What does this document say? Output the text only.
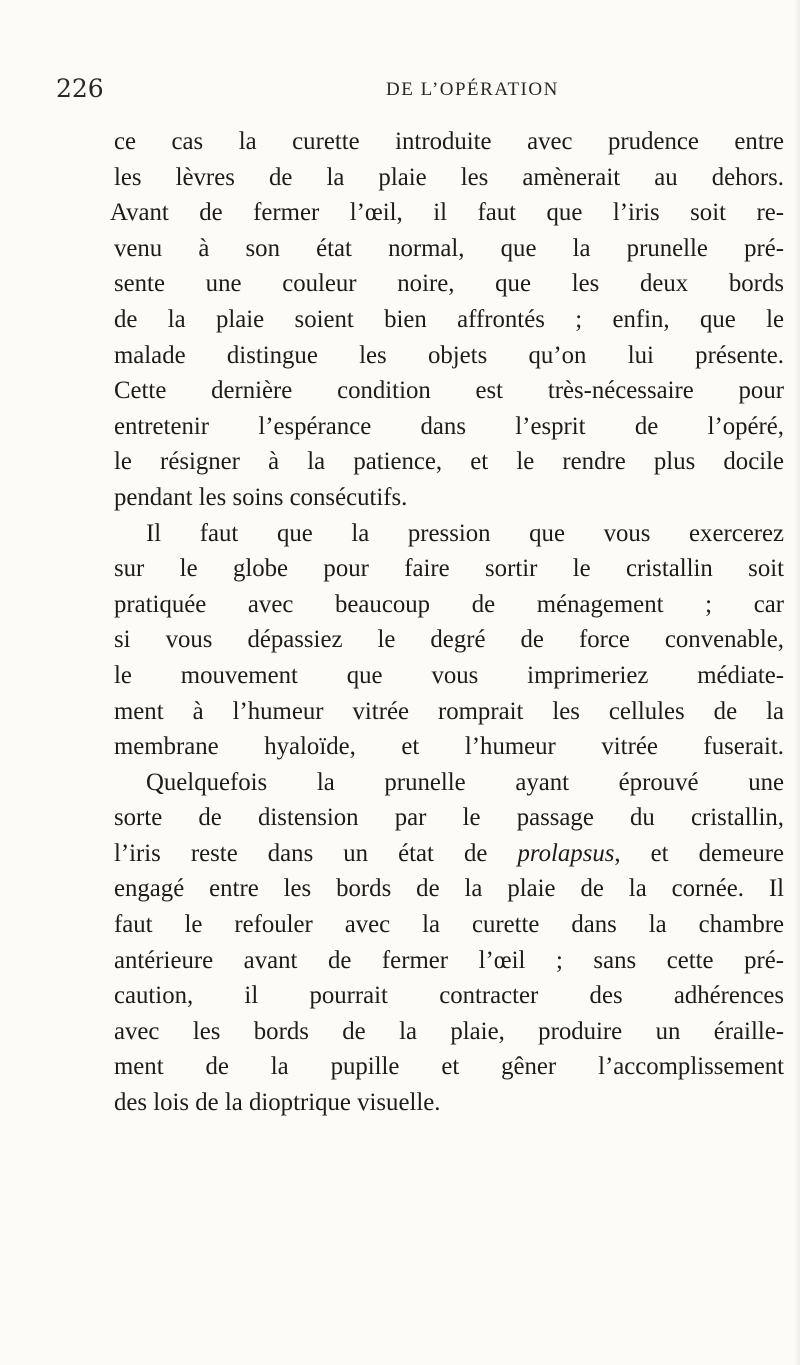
226	DE L’OPÉRATION
ce cas la curette introduite avec prudence entre
les lèvres de la plaie les amènerait au dehors.
Avant de fermer l’œil, il faut que l’iris soit re-
venu à son état normal, que la prunelle pré-
sente une couleur noire, que les deux bords
de la plaie soient bien affrontés ; enfin, que le
malade distingue les objets qu’on lui présente.
Cette dernière condition est très-nécessaire pour
entretenir l’espérance dans l’esprit de l’opéré,
le résigner à la patience, et le rendre plus docile
pendant les soins consécutifs.
Il faut que la pression que vous exercerez
sur le globe pour faire sortir le cristallin soit
pratiquée avec beaucoup de ménagement ; car
si vous dépassiez le degré de force convenable,
le mouvement que vous imprimeriez médiate-
ment à l’humeur vitrée romprait les cellules de la
membrane hyaloïde, et l’humeur vitrée fuserait.
Quelquefois la prunelle ayant éprouvé une
sorte de distension par le passage du cristallin,
l’iris reste dans un état de prolapsus, et demeure
engagé entre les bords de la plaie de la cornée. Il
faut le refouler avec la curette dans la chambre
antérieure avant de fermer l’œil ; sans cette pré-
caution, il pourrait contracter des adhérences
avec les bords de la plaie, produire un éraille-
ment de la pupille et gêner l’accomplissement
des lois de la dioptrique visuelle.
